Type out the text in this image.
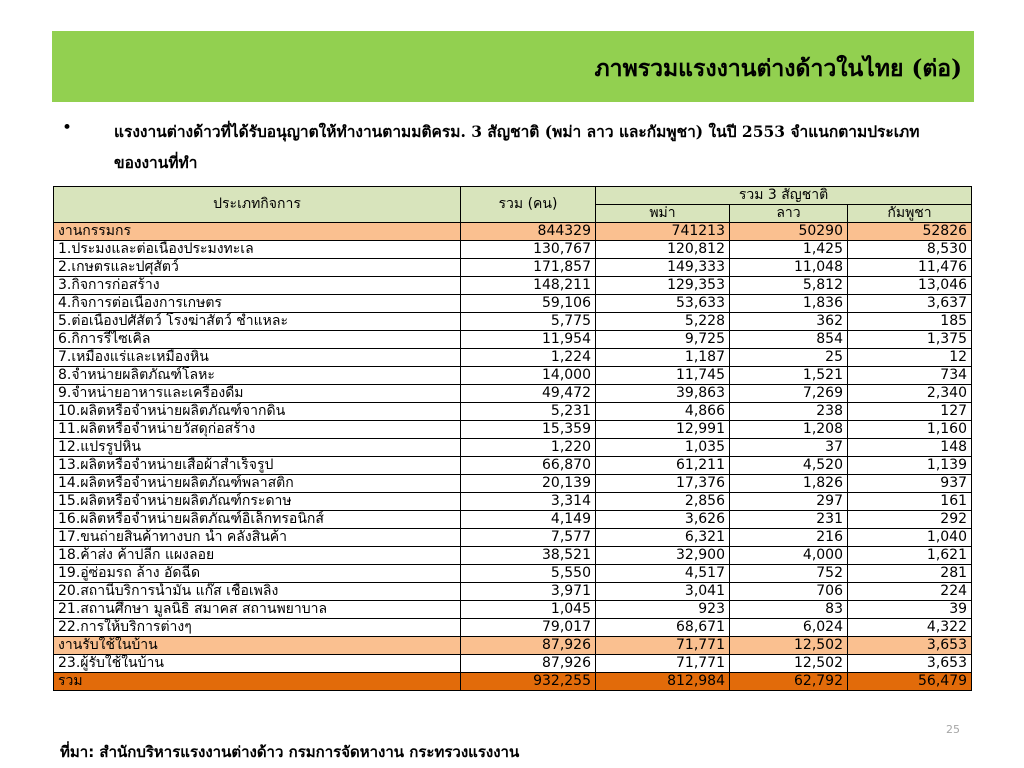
ภาพรวมแรงงานต่างด้าวในไทย (ต่อ)
•	แรงงานต่างด้าวที่ได้รับอนุญาตให้ทำงานตามมติครม. 3 สัญชาติ (พม่า ลาว และกัมพูชา) ในปี 2553 จำแนกตามประเภทของงานที่ทำ
ประเภทกิจการ	รวม (คน)	รวม 3 สัญชาติ		
		พม่า	ลาว	กัมพูชา
งานกรรมกร	844329	741213	50290	52826
1.ประมงและต่อเนื่องประมงทะเล	130,767	120,812	1,425	8,530
2.เกษตรและปศุสัตว์	171,857	149,333	11,048	11,476
3.กิจการก่อสร้าง	148,211	129,353	5,812	13,046
4.กิจการต่อเนื่องการเกษตร	59,106	53,633	1,836	3,637
5.ต่อเนื่องปศัสัตว์ โรงฆ่าสัตว์ ชำแหละ	5,775	5,228	362	185
6.กิการรีไซเคิล	11,954	9,725	854	1,375
7.เหมืองแร่และเหมืองหิน	1,224	1,187	25	12
8.จำหน่ายผลิตภัณฑ์โลหะ	14,000	11,745	1,521	734
9.จำหน่ายอาหารและเครื่องดื่ม	49,472	39,863	7,269	2,340
10.ผลิตหรือจำหน่ายผลิตภัณฑ์จากดิน	5,231	4,866	238	127
11.ผลิตหรือจำหน่ายวัสดุก่อสร้าง	15,359	12,991	1,208	1,160
12.แปรรูปหิน	1,220	1,035	37	148
13.ผลิตหรือจำหน่ายเสื้อผ้าสำเร็จรูป	66,870	61,211	4,520	1,139
14.ผลิตหรือจำหน่ายผลิตภัณฑ์พลาสติก	20,139	17,376	1,826	937
15.ผลิตหรือจำหน่ายผลิตภัณฑ์กระดาษ	3,314	2,856	297	161
16.ผลิตหรือจำหน่ายผลิตภัณฑ์อิเล็กทรอนิกส์	4,149	3,626	231	292
17.ขนถ่ายสินค้าทางบก น้ำ คลังสินค้า	7,577	6,321	216	1,040
18.ค้าส่ง ค้าปลีก แผงลอย	38,521	32,900	4,000	1,621
19.อู่ซ่อมรถ ล้าง อัดฉีด	5,550	4,517	752	281
20.สถานีบริการน้ำมัน แก๊ส เชื้อเพลิง	3,971	3,041	706	224
21.สถานศึกษา มูลนิธิ สมาคส สถานพยาบาล	1,045	923	83	39
22.การให้บริการต่างๆ	79,017	68,671	6,024	4,322
งานรับใช้ในบ้าน	87,926	71,771	12,502	3,653
23.ผู้รับใช้ในบ้าน	87,926	71,771	12,502	3,653
รวม	932,255	812,984	62,792	56,479
25
ที่มา: สำนักบริหารแรงงานต่างด้าว กรมการจัดหางาน กระทรวงแรงงาน
